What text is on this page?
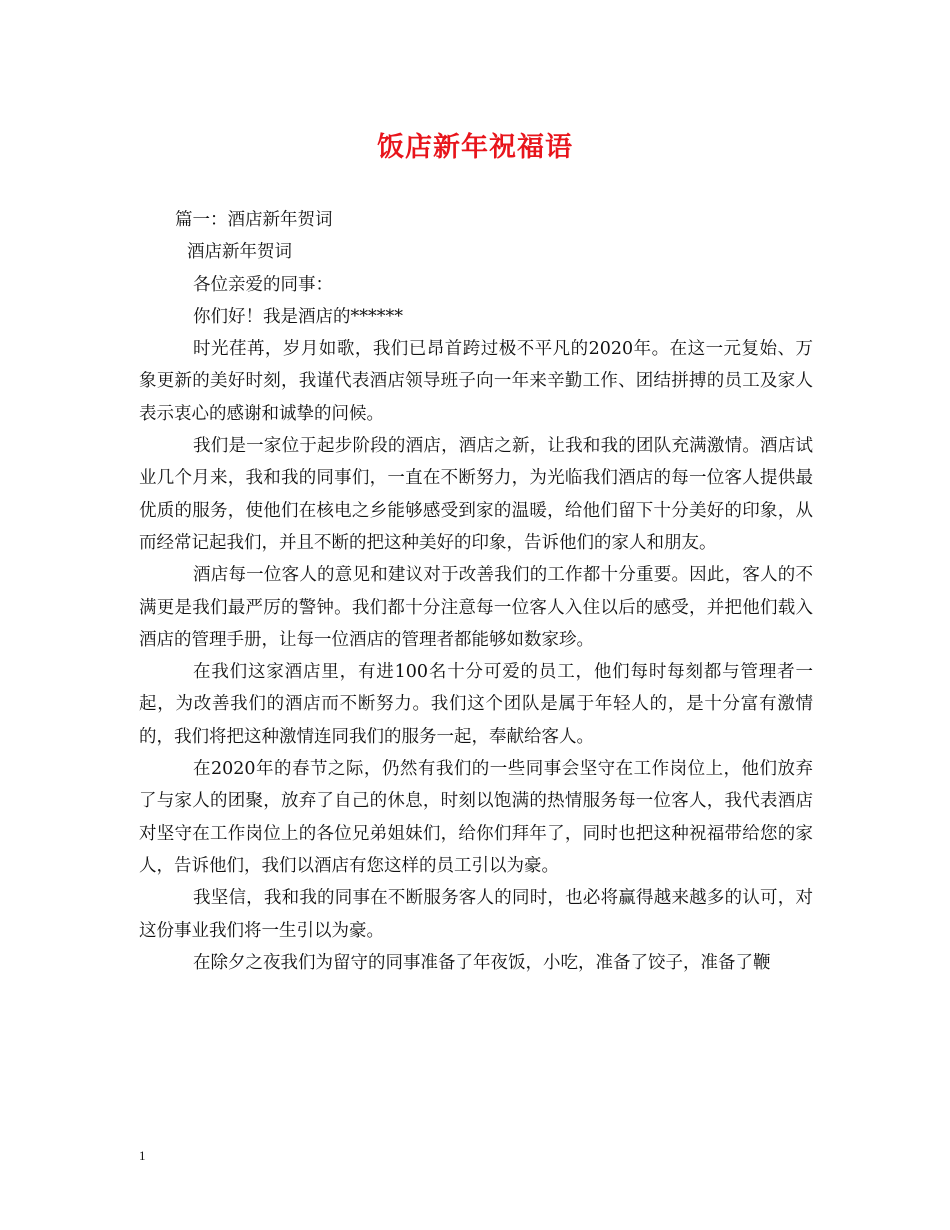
饭店新年祝福语

篇一：酒店新年贺词

酒店新年贺词

各位亲爱的同事：

你们好！我是酒店的******

时光荏苒，岁月如歌，我们已昂首跨过极不平凡的2020年。在这一元复始、万象更新的美好时刻，我谨代表酒店领导班子向一年来辛勤工作、团结拼搏的员工及家人表示衷心的感谢和诚挚的问候。

我们是一家位于起步阶段的酒店，酒店之新，让我和我的团队充满激情。酒店试业几个月来，我和我的同事们，一直在不断努力，为光临我们酒店的每一位客人提供最优质的服务，使他们在核电之乡能够感受到家的温暖，给他们留下十分美好的印象，从而经常记起我们，并且不断的把这种美好的印象，告诉他们的家人和朋友。

酒店每一位客人的意见和建议对于改善我们的工作都十分重要。因此，客人的不满更是我们最严厉的警钟。我们都十分注意每一位客人入住以后的感受，并把他们载入酒店的管理手册，让每一位酒店的管理者都能够如数家珍。

在我们这家酒店里，有进100名十分可爱的员工，他们每时每刻都与管理者一起，为改善我们的酒店而不断努力。我们这个团队是属于年轻人的，是十分富有激情的，我们将把这种激情连同我们的服务一起，奉献给客人。

在2020年的春节之际，仍然有我们的一些同事会坚守在工作岗位上，他们放弃了与家人的团聚，放弃了自己的休息，时刻以饱满的热情服务每一位客人，我代表酒店对坚守在工作岗位上的各位兄弟姐妹们，给你们拜年了，同时也把这种祝福带给您的家人，告诉他们，我们以酒店有您这样的员工引以为豪。

我坚信，我和我的同事在不断服务客人的同时，也必将赢得越来越多的认可，对这份事业我们将一生引以为豪。

在除夕之夜我们为留守的同事准备了年夜饭，小吃，准备了饺子，准备了鞭

1
